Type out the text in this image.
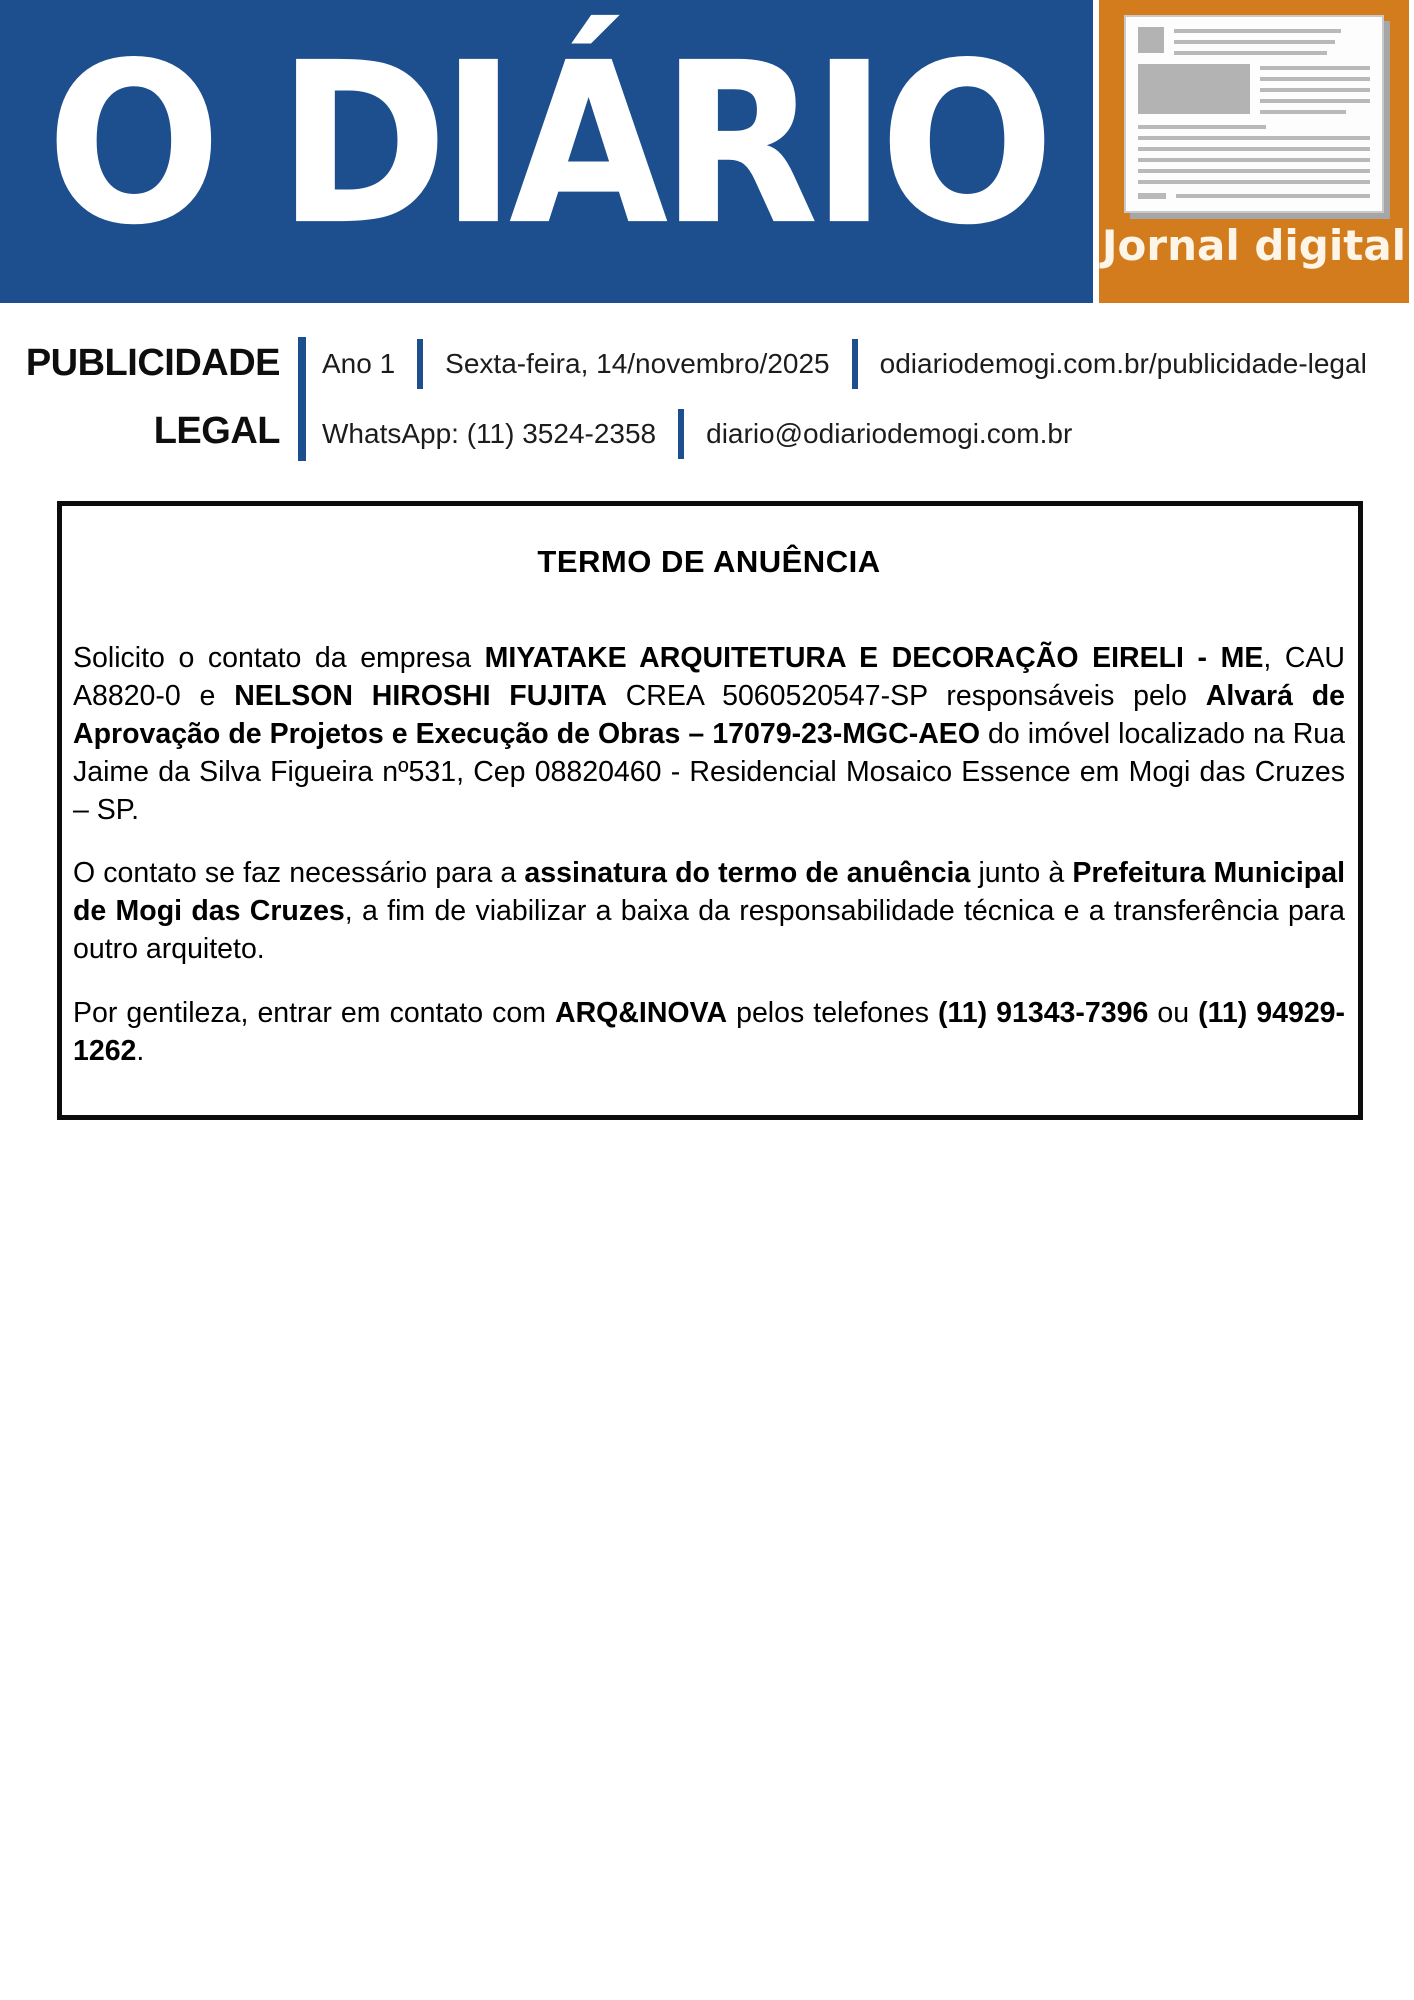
O DIÁRIO Jornal digital
PUBLICIDADE
LEGAL
Ano 1 Sexta-feira, 14/novembro/2025 odiariodemogi.com.br/publicidade-legal
WhatsApp: (11) 3524-2358 diario@odiariodemogi.com.br
TERMO DE ANUÊNCIA

Solicito o contato da empresa MIYATAKE ARQUITETURA E DECORAÇÃO EIRELI - ME, CAU A8820-0 e NELSON HIROSHI FUJITA CREA 5060520547-SP responsáveis pelo Alvará de Aprovação de Projetos e Execução de Obras – 17079-23-MGC-AEO do imóvel localizado na Rua Jaime da Silva Figueira nº531, Cep 08820460 - Residencial Mosaico Essence em Mogi das Cruzes – SP.

O contato se faz necessário para a assinatura do termo de anuência junto à Prefeitura Municipal de Mogi das Cruzes, a fim de viabilizar a baixa da responsabilidade técnica e a transferência para outro arquiteto.

Por gentileza, entrar em contato com ARQ&INOVA pelos telefones (11) 91343-7396 ou (11) 94929-1262.
